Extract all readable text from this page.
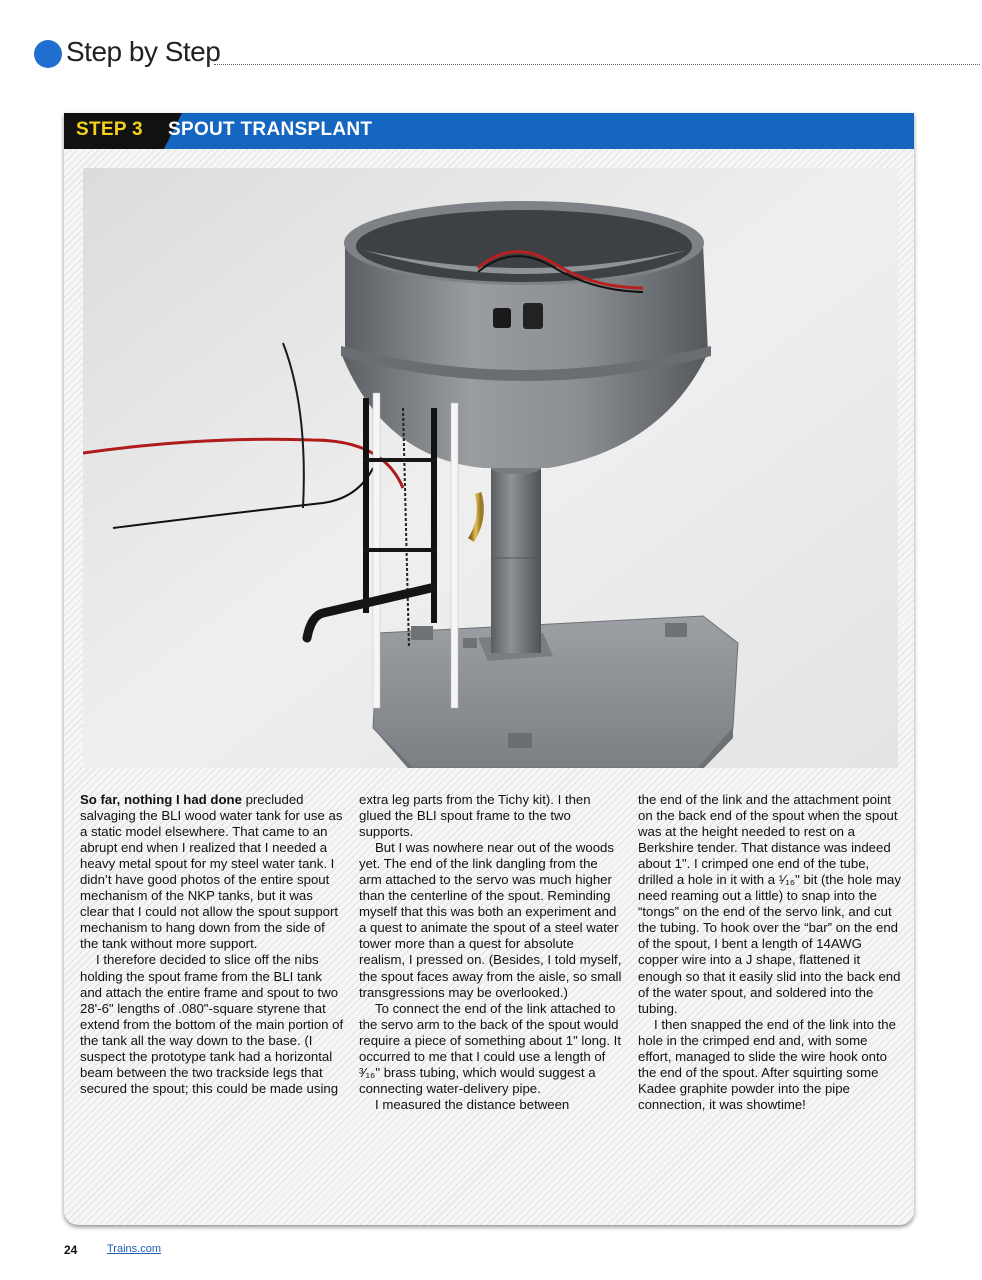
Step by Step
STEP 3 SPOUT TRANSPLANT

So far, nothing I had done precluded salvaging the BLI wood water tank for use as a static model elsewhere. That came to an abrupt end when I realized that I needed a heavy metal spout for my steel water tank. I didn’t have good photos of the entire spout mechanism of the NKP tanks, but it was clear that I could not allow the spout support mechanism to hang down from the side of the tank without more support.

I therefore decided to slice off the nibs holding the spout frame from the BLI tank and attach the entire frame and spout to two 28'-6" lengths of .080"-square styrene that extend from the bottom of the main portion of the tank all the way down to the base. (I suspect the prototype tank had a horizontal beam between the two trackside legs that secured the spout; this could be made using

extra leg parts from the Tichy kit). I then glued the BLI spout frame to the two supports.

But I was nowhere near out of the woods yet. The end of the link dangling from the arm attached to the servo was much higher than the centerline of the spout. Reminding myself that this was both an experiment and a quest to animate the spout of a steel water tower more than a quest for absolute realism, I pressed on. (Besides, I told myself, the spout faces away from the aisle, so small transgressions may be overlooked.)

To connect the end of the link attached to the servo arm to the back of the spout would require a piece of something about 1" long. It occurred to me that I could use a length of ³⁄₁₆" brass tubing, which would suggest a connecting water-delivery pipe.

I measured the distance between

the end of the link and the attachment point on the back end of the spout when the spout was at the height needed to rest on a Berkshire tender. That distance was indeed about 1". I crimped one end of the tube, drilled a hole in it with a ¹⁄₁₆" bit (the hole may need reaming out a little) to snap into the “tongs” on the end of the servo link, and cut the tubing. To hook over the “bar” on the end of the spout, I bent a length of 14AWG copper wire into a J shape, flattened it enough so that it easily slid into the back end of the water spout, and soldered into the tubing.

I then snapped the end of the link into the hole in the crimped end and, with some effort, managed to slide the wire hook onto the end of the spout. After squirting some Kadee graphite powder into the pipe connection, it was showtime!

24	Trains.com
